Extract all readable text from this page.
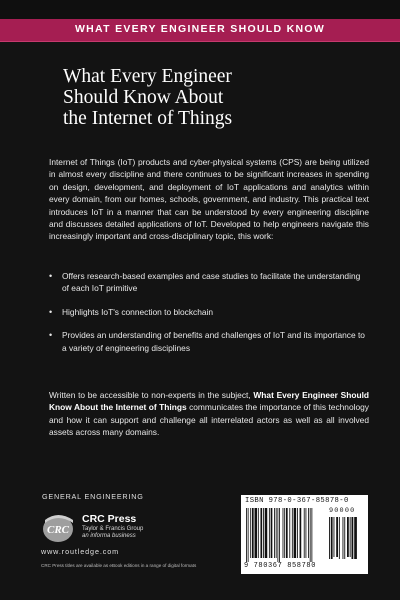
WHAT EVERY ENGINEER SHOULD KNOW
What Every Engineer
Should Know About
the Internet of Things
Internet of Things (IoT) products and cyber-physical systems (CPS) are being utilized in almost every discipline and there continues to be significant increases in spending on design, development, and deployment of IoT applications and analytics within every domain, from our homes, schools, government, and industry. This practical text introduces IoT in a manner that can be understood by every engineering discipline and discusses detailed applications of IoT. Developed to help engineers navigate this increasingly important and cross-disciplinary topic, this work:
• Offers research-based examples and case studies to facilitate the understanding of each IoT primitive
• Highlights IoT's connection to blockchain
• Provides an understanding of benefits and challenges of IoT and its importance to a variety of engineering disciplines
Written to be accessible to non-experts in the subject, What Every Engineer Should Know About the Internet of Things communicates the importance of this technology and how it can support and challenge all interrelated actors as well as all involved assets across many domains.
GENERAL ENGINEERING
CRC
CRC Press
Taylor & Francis Group
an informa business
www.routledge.com
CRC Press titles are available as eBook editions in a range of digital formats
ISBN 978-0-367-85878-0
90000
9 780367 858780
